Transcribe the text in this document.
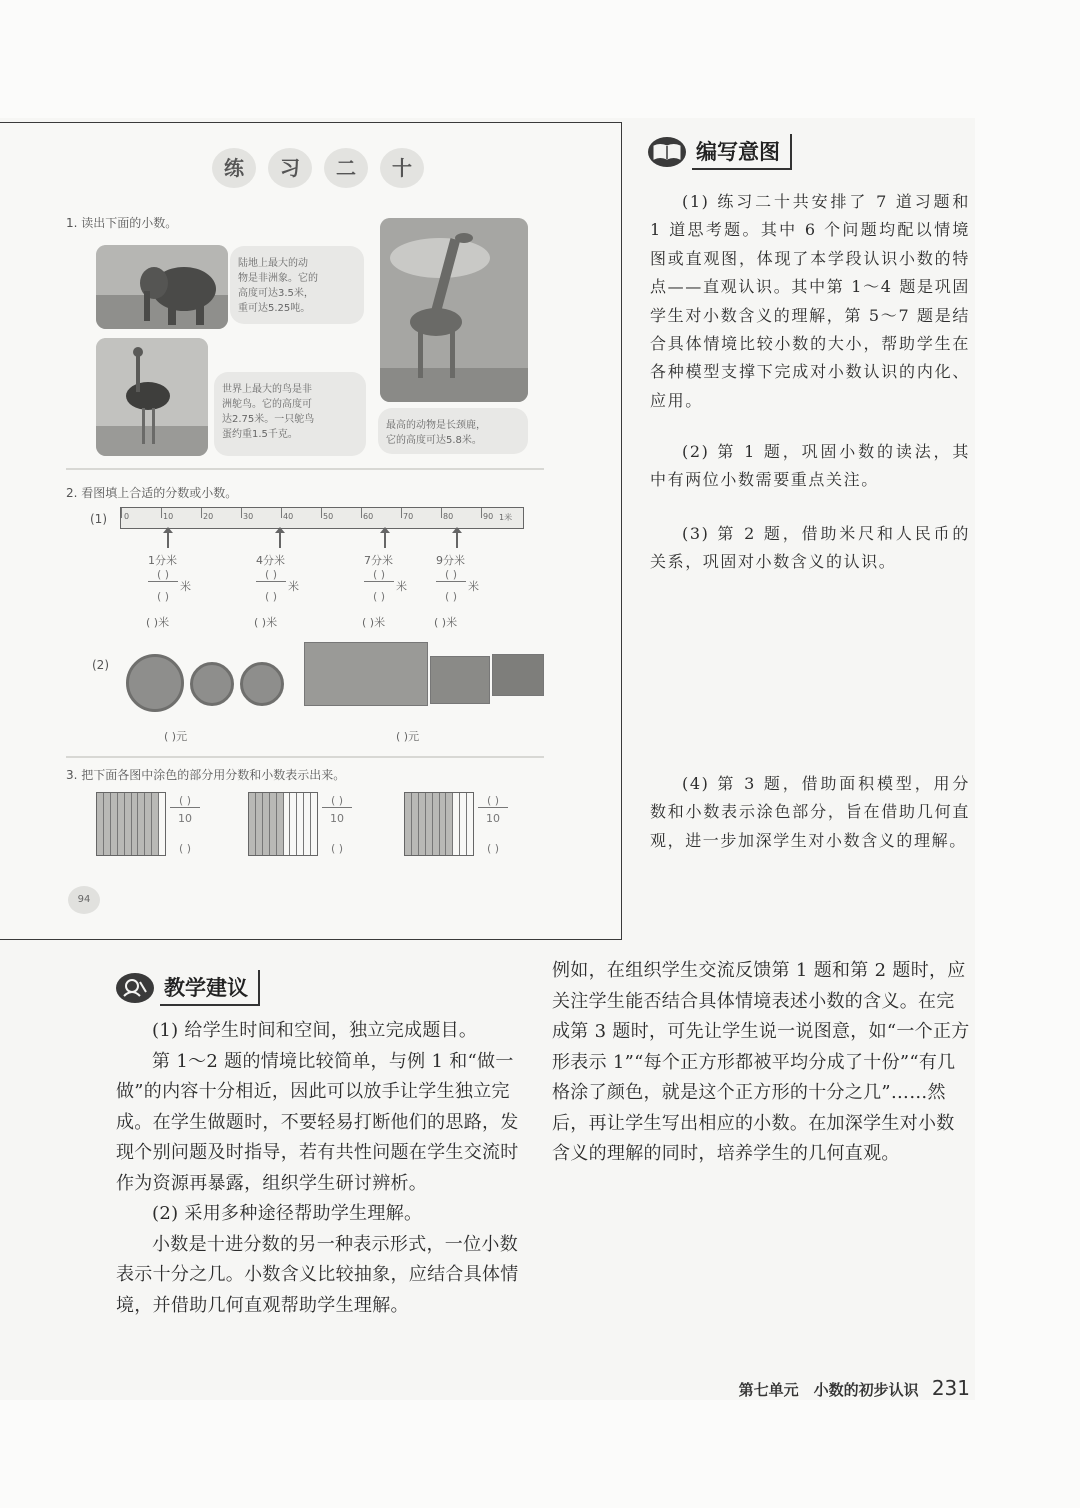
练	习	二	十
1. 读出下面的小数。
陆地上最大的动
物是非洲象。它的
高度可达3.5米，
重可达5.25吨。
世界上最大的鸟是非
洲鸵鸟。它的高度可
达2.75米。一只鸵鸟
蛋约重1.5千克。
最高的动物是长颈鹿，
它的高度可达5.8米。
2. 看图填上合适的分数或小数。
(1) 0	10	20	30	40	50	60	70	80	90 1米
1分米
( )
米
( )
( )米
4分米
( )
米
( )
( )米
7分米
( )
米
( )
( )米
9分米
( )
米
( )
( )米
(2)
( )元	( )元
3. 把下面各图中涂色的部分用分数和小数表示出来。
( )
10
( )
( )
10
( )
( )
10
( )
94
编写意图
(1) 练习二十共安排了 7 道习题和 1 道思考题。其中 6 个问题均配以情境图或直观图，体现了本学段认识小数的特点——直观认识。其中第 1～4 题是巩固学生对小数含义的理解，第 5～7 题是结合具体情境比较小数的大小，帮助学生在各种模型支撑下完成对小数认识的内化、应用。
(2) 第 1 题，巩固小数的读法，其中有两位小数需要重点关注。
(3) 第 2 题，借助米尺和人民币的关系，巩固对小数含义的认识。
(4) 第 3 题，借助面积模型，用分数和小数表示涂色部分，旨在借助几何直观，进一步加深学生对小数含义的理解。
教学建议

(1) 给学生时间和空间，独立完成题目。

第 1～2 题的情境比较简单，与例 1 和“做一做”的内容十分相近，因此可以放手让学生独立完成。在学生做题时，不要轻易打断他们的思路，发现个别问题及时指导，若有共性问题在学生交流时作为资源再暴露，组织学生研讨辨析。

(2) 采用多种途径帮助学生理解。

小数是十进分数的另一种表示形式，一位小数表示十分之几。小数含义比较抽象，应结合具体情境，并借助几何直观帮助学生理解。

例如，在组织学生交流反馈第 1 题和第 2 题时，应关注学生能否结合具体情境表述小数的含义。在完成第 3 题时，可先让学生说一说图意，如“一个正方形表示 1”“每个正方形都被平均分成了十份”“有几格涂了颜色，就是这个正方形的十分之几”……然后，再让学生写出相应的小数。在加深学生对小数含义的理解的同时，培养学生的几何直观。

第七单元　小数的初步认识 231
